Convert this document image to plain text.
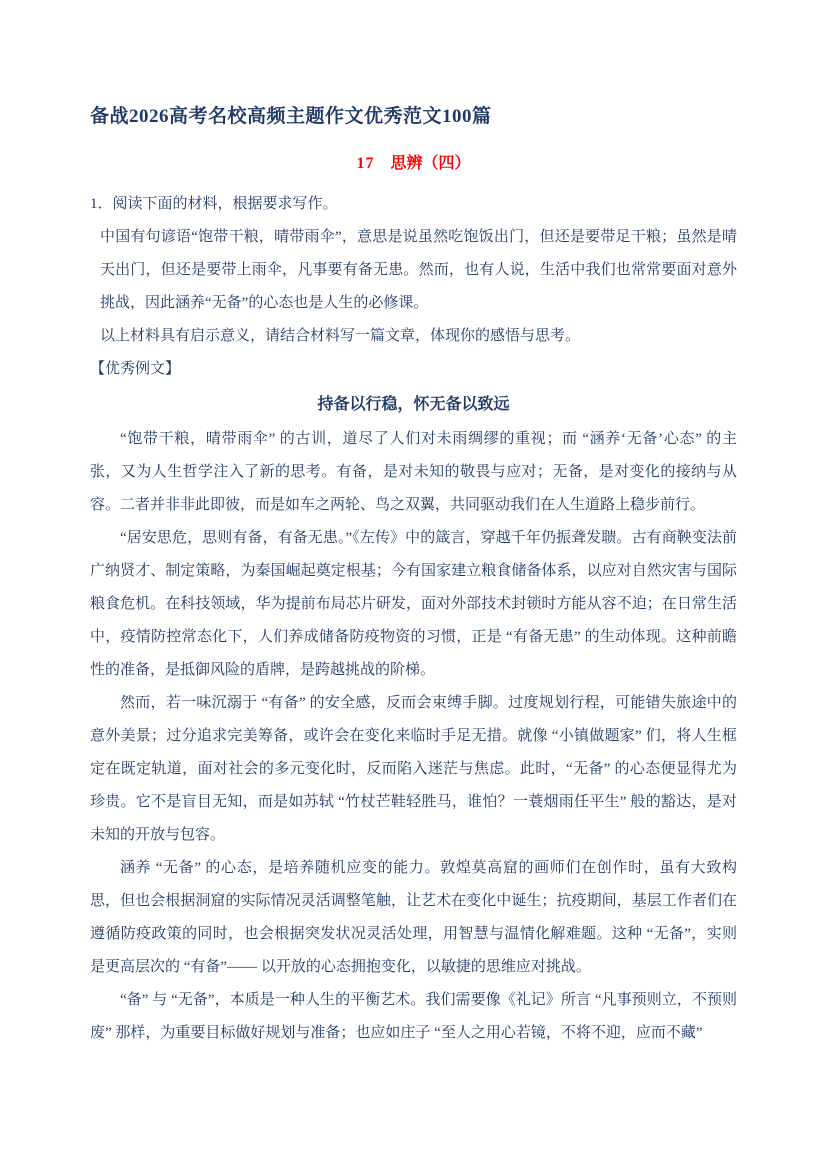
备战2026高考名校高频主题作文优秀范文100篇
17 思辨（四）

1．阅读下面的材料，根据要求写作。

中国有句谚语“饱带干粮，晴带雨伞”，意思是说虽然吃饱饭出门，但还是要带足干粮；虽然是晴天出门，但还是要带上雨伞，凡事要有备无患。然而，也有人说，生活中我们也常常要面对意外挑战，因此涵养“无备”的心态也是人生的必修课。

以上材料具有启示意义，请结合材料写一篇文章，体现你的感悟与思考。

【优秀例文】

持备以行稳，怀无备以致远

“饱带干粮，晴带雨伞” 的古训，道尽了人们对未雨绸缪的重视；而 “涵养‘无备’心态” 的主张，又为人生哲学注入了新的思考。有备，是对未知的敬畏与应对；无备，是对变化的接纳与从容。二者并非非此即彼，而是如车之两轮、鸟之双翼，共同驱动我们在人生道路上稳步前行。

“居安思危，思则有备，有备无患。”《左传》中的箴言，穿越千年仍振聋发聩。古有商鞅变法前广纳贤才、制定策略，为秦国崛起奠定根基；今有国家建立粮食储备体系，以应对自然灾害与国际粮食危机。在科技领域，华为提前布局芯片研发，面对外部技术封锁时方能从容不迫；在日常生活中，疫情防控常态化下，人们养成储备防疫物资的习惯，正是 “有备无患” 的生动体现。这种前瞻性的准备，是抵御风险的盾牌，是跨越挑战的阶梯。

然而，若一味沉溺于 “有备” 的安全感，反而会束缚手脚。过度规划行程，可能错失旅途中的意外美景；过分追求完美筹备，或许会在变化来临时手足无措。就像 “小镇做题家” 们，将人生框定在既定轨道，面对社会的多元变化时，反而陷入迷茫与焦虑。此时，“无备” 的心态便显得尤为珍贵。它不是盲目无知，而是如苏轼 “竹杖芒鞋轻胜马，谁怕？一蓑烟雨任平生” 般的豁达，是对未知的开放与包容。

涵养 “无备” 的心态，是培养随机应变的能力。敦煌莫高窟的画师们在创作时，虽有大致构思，但也会根据洞窟的实际情况灵活调整笔触，让艺术在变化中诞生；抗疫期间，基层工作者们在遵循防疫政策的同时，也会根据突发状况灵活处理，用智慧与温情化解难题。这种 “无备”，实则是更高层次的 “有备”—— 以开放的心态拥抱变化，以敏捷的思维应对挑战。

“备” 与 “无备”，本质是一种人生的平衡艺术。我们需要像《礼记》所言 “凡事预则立，不预则废” 那样，为重要目标做好规划与准备；也应如庄子 “至人之用心若镜，不将不迎，应而不藏”
